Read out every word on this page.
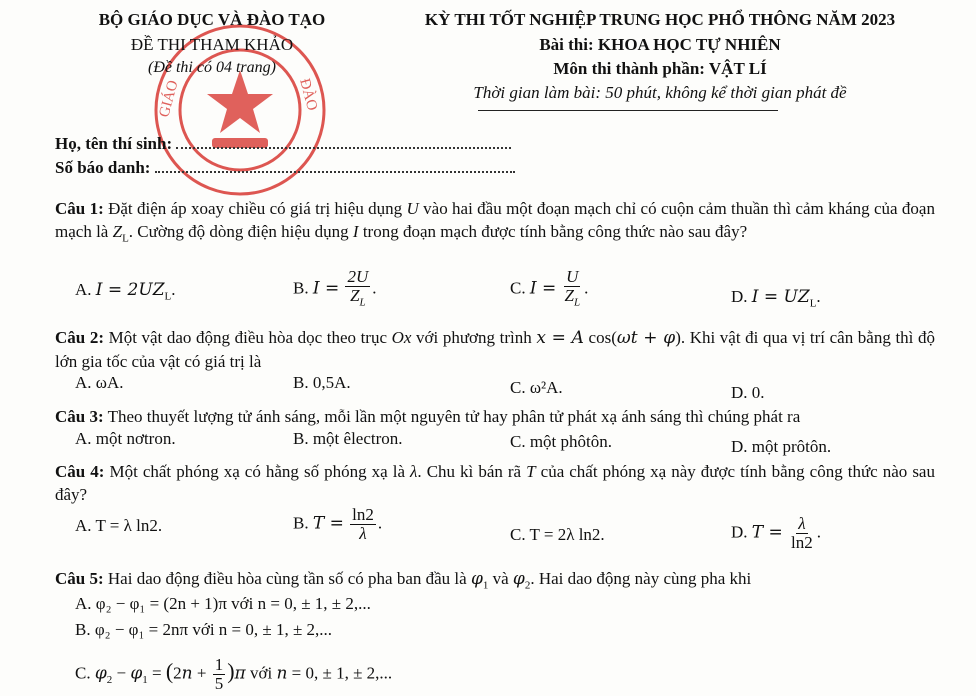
GIÁO	ĐÀO
BỘ GIÁO DỤC VÀ ĐÀO TẠO	KỲ THI TỐT NGHIỆP TRUNG HỌC PHỔ THÔNG NĂM 2023
ĐỀ THI THAM KHẢO	Bài thi: KHOA HỌC TỰ NHIÊN
(Đề thi có 04 trang)	Môn thi thành phần: VẬT LÍ
Thời gian làm bài: 50 phút, không kể thời gian phát đề
Họ, tên thí sinh:
Số báo danh:
Câu 1: Đặt điện áp xoay chiều có giá trị hiệu dụng U vào hai đầu một đoạn mạch chỉ có cuộn cảm thuần thì cảm kháng của đoạn mạch là $Z_L$. Cường độ dòng điện hiệu dụng I trong đoạn mạch được tính bằng công thức nào sau đây?
A. $I = 2UZ_L$.	B. $I = \frac{2U}{Z_L}$ .	C. $I = \frac{U}{Z_L}$ .	D. $I = UZ_L$.
Câu 2: Một vật dao động điều hòa dọc theo trục Ox với phương trình x = A cos(ωt + φ). Khi vật đi qua vị trí cân bằng thì độ lớn gia tốc của vật có giá trị là
A. ωA.	B. 0,5A.	C. ω²A.	D. 0.
Câu 3: Theo thuyết lượng tử ánh sáng, mỗi lần một nguyên tử hay phân tử phát xạ ánh sáng thì chúng phát ra
A. một nơtron.	B. một êlectron.	C. một phôtôn.	D. một prôtôn.
Câu 4: Một chất phóng xạ có hằng số phóng xạ là λ. Chu kì bán rã T của chất phóng xạ này được tính bằng công thức nào sau đây?
A. T = λ ln2.	B. $T = \frac{\ln 2}{\lambda}$ .
C. T = 2λ ln2.	D. $T = \frac{\lambda}{\ln 2}$ .
Câu 5: Hai dao động điều hòa cùng tần số có pha ban đầu là $\varphi_1$ và $\varphi_2$. Hai dao động này cùng pha khi
A. φ₂ − φ₁ = (2n + 1)π với n = 0, ± 1, ± 2,...
B. φ₂ − φ₁ = 2nπ với n = 0, ± 1, ± 2,...
C. $\varphi_2 - \varphi_1 = (2n + \frac{1}{5} )\pi$ với n = 0, ± 1, ± 2,...
